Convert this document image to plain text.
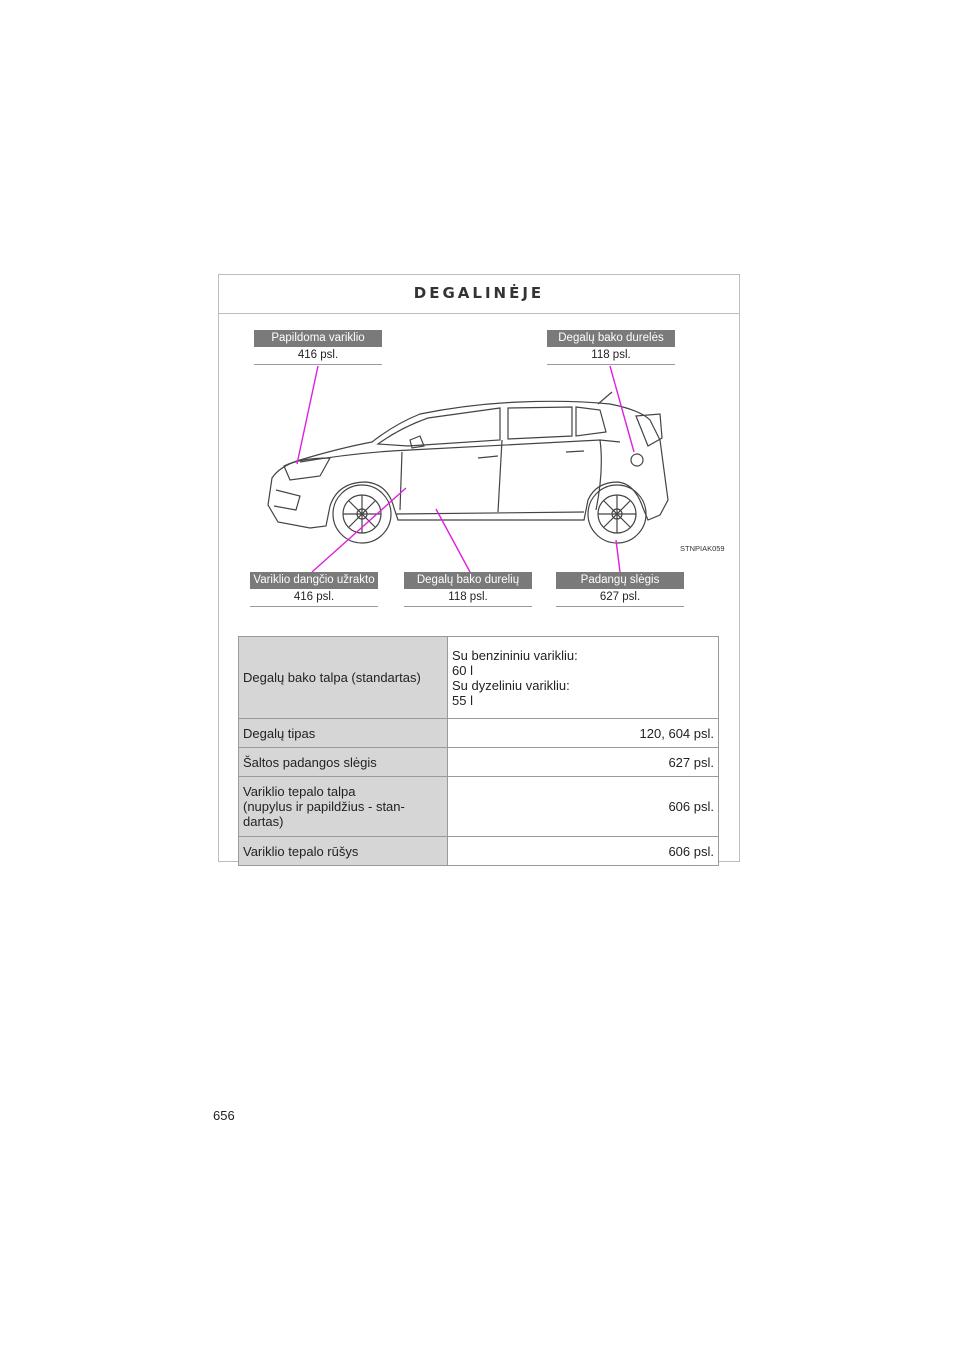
DEGALINĖJE
Papildoma variklio
416 psl.
Degalų bako durelės
118 psl.
Variklio dangčio užrakto
416 psl.
Degalų bako durelių
118 psl.
Padangų slėgis
627 psl.
STNPIAK059
Degalų bako talpa (standartas)	Su benzininiu varikliu:
60 l
Su dyzeliniu varikliu:
55 l

Degalų tipas	120, 604 psl.
Šaltos padangos slėgis	627 psl.

Variklio tepalo talpa
(nupylus ir papildžius - stan-
dartas)	606 psl.
Variklio tepalo rūšys	606 psl.
656
